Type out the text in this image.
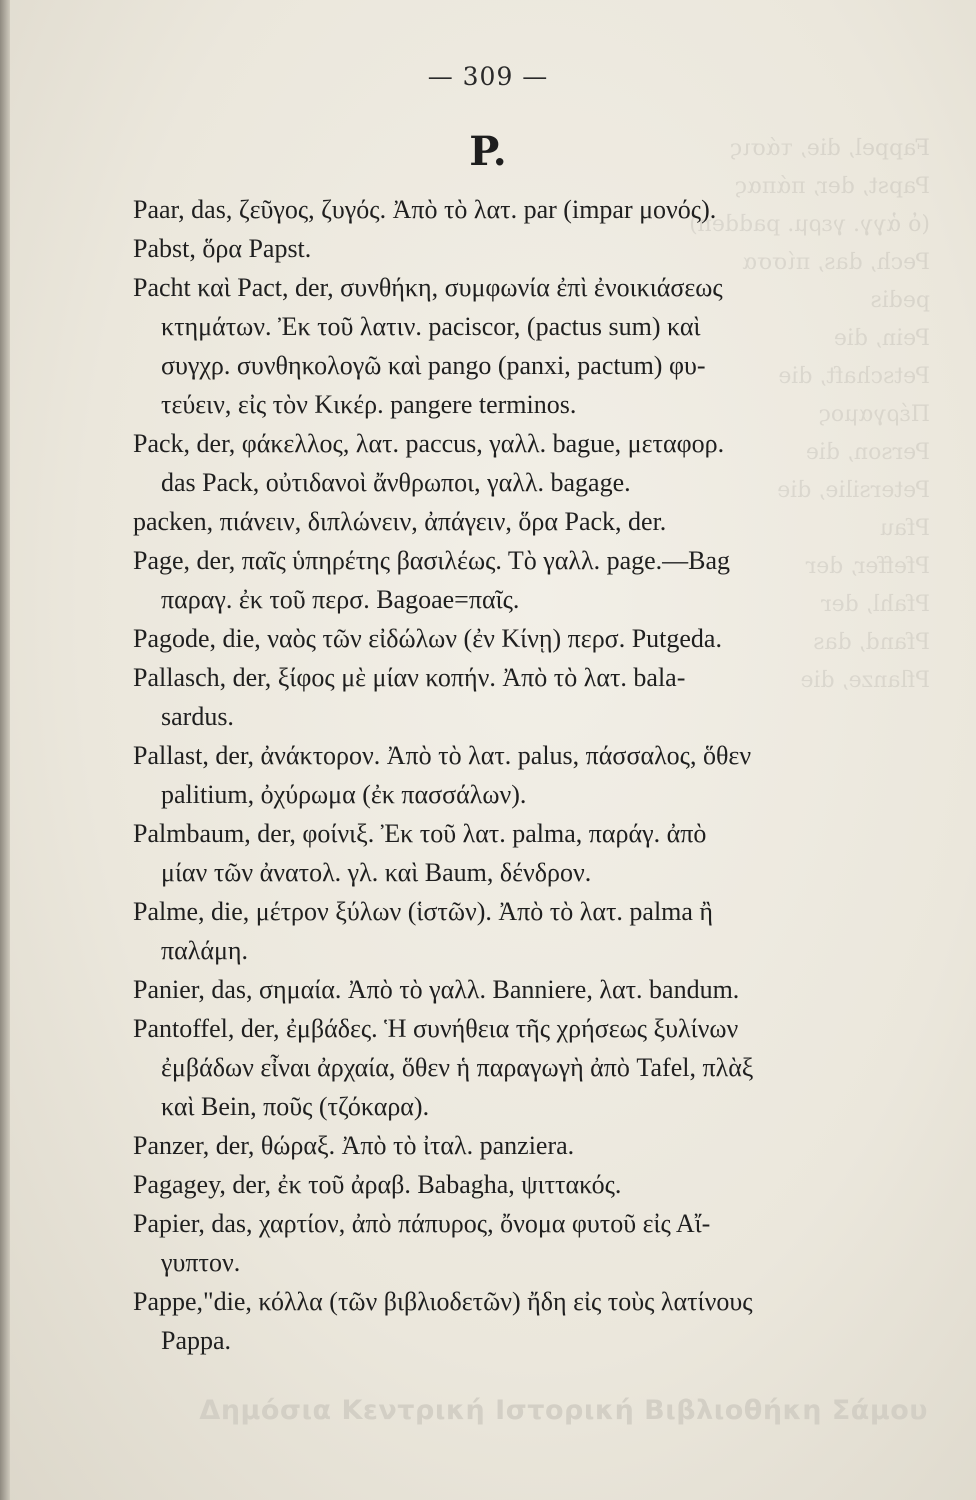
Fappel, die, τάσις
Papst, der, πάπας
(ὁ ἀγγ. γερμ. padden)
Pech, das, πίσσα
pedis
Pein, die
Petschaft, die
Πέργαμος
Person, die
Petersilie, die
Pfau
Pfeffer, der
Pfahl, der
Pfand, das
Pflanze, die
— 309 —
P.
Paar, das, ζεῦγος, ζυγός. Ἀπὸ τὸ λατ. par (impar μονός).
Pabst, ὅρα Papst.
Pacht καὶ Pact, der, συνθήκη, συμφωνία ἐπὶ ἐνοικιάσεως
κτημάτων. Ἐκ τοῦ λατιν. paciscor, (pactus sum) καὶ
συγχρ. συνθηκολογῶ καὶ pango (panxi, pactum) φυ-
τεύειν, εἰς τὸν Κικέρ. pangere terminos.
Pack, der, φάκελλος, λατ. paccus, γαλλ. bague, μεταφορ.
das Pack, οὐτιδανοὶ ἄνθρωποι, γαλλ. bagage.
packen, πιάνειν, διπλώνειν, ἀπάγειν, ὅρα Pack, der.
Page, der, παῖς ὑπηρέτης βασιλέως. Τὸ γαλλ. page.—Bag
παραγ. ἐκ τοῦ περσ. Bagoae=παῖς.
Pagode, die, ναὸς τῶν εἰδώλων (ἐν Κίνῃ) περσ. Putgeda.
Pallasch, der, ξίφος μὲ μίαν κοπήν. Ἀπὸ τὸ λατ. bala-
sardus.
Pallast, der, ἀνάκτορον. Ἀπὸ τὸ λατ. palus, πάσσαλος, ὅθεν
palitium, ὀχύρωμα (ἐκ πασσάλων).
Palmbaum, der, φοίνιξ. Ἐκ τοῦ λατ. palma, παράγ. ἀπὸ
μίαν τῶν ἀνατολ. γλ. καὶ Baum, δένδρον.
Palme, die, μέτρον ξύλων (ἱστῶν). Ἀπὸ τὸ λατ. palma ἢ
παλάμη.
Panier, das, σημαία. Ἀπὸ τὸ γαλλ. Banniere, λατ. bandum.
Pantoffel, der, ἐμβάδες. Ἡ συνήθεια τῆς χρήσεως ξυλίνων
ἐμβάδων εἶναι ἀρχαία, ὅθεν ἡ παραγωγὴ ἀπὸ Tafel, πλὰξ
καὶ Bein, ποῦς (τζόκαρα).
Panzer, der, θώραξ. Ἀπὸ τὸ ἰταλ. panziera.
Pagagey, der, ἐκ τοῦ ἀραβ. Babagha, ψιττακός.
Papier, das, χαρτίον, ἀπὸ πάπυρος, ὄνομα φυτοῦ εἰς Αἴ-
γυπτον.
Pappe,"die, κόλλα (τῶν βιβλιοδετῶν) ἤδη εἰς τοὺς λατίνους
Pappa.
Δημόσια Κεντρική Ιστορική Βιβλιοθήκη Σάμου
